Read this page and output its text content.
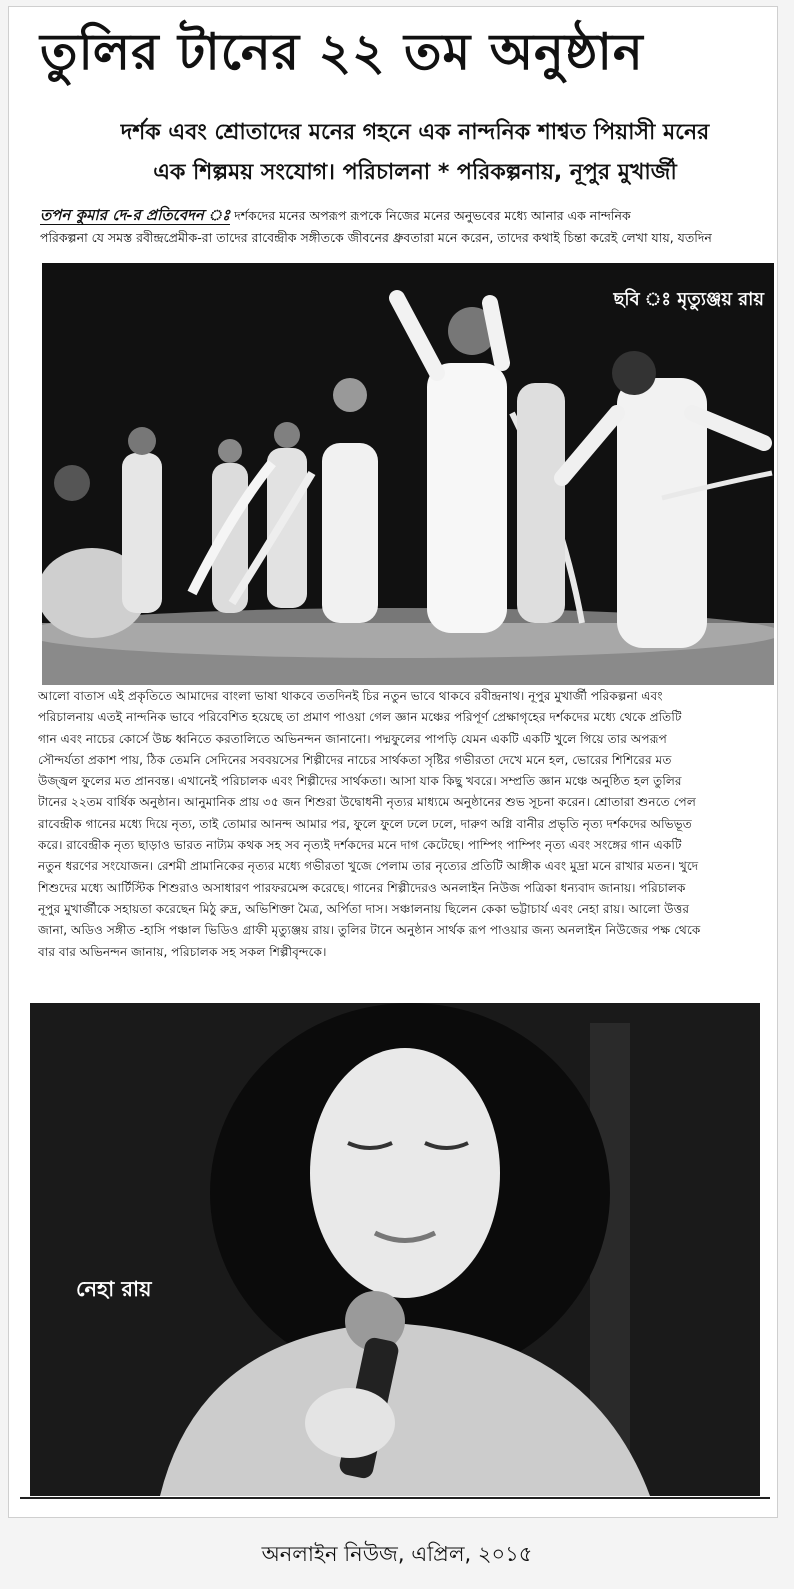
তুলির টানের ২২ তম অনুষ্ঠান
দর্শক এবং শ্রোতাদের মনের গহনে এক নান্দনিক শাশ্বত পিয়াসী মনের
এক শিল্পময় সংযোগ। পরিচালনা * পরিকল্পনায়, নূপুর মুখার্জী
তপন কুমার দে-র প্রতিবেদন ঃ দর্শকদের মনের অপরূপ রূপকে নিজের মনের অনুভবের মধ্যে আনার এক নান্দনিক
পরিকল্পনা যে সমস্ত রবীন্দ্রপ্রেমীক-রা তাদের রাবেন্দ্রীক সঙ্গীতকে জীবনের ধ্রুবতারা মনে করেন, তাদের কথাই চিন্তা করেই লেখা যায়, যতদিন
ছবি ঃ মৃত্যুঞ্জয় রায়
আলো বাতাস এই প্রকৃতিতে আমাদের বাংলা ভাষা থাকবে ততদিনই চির নতুন ভাবে থাকবে রবীন্দ্রনাথ। নূপুর মুখার্জী পরিকল্পনা এবং
পরিচালনায় এতই নান্দনিক ভাবে পরিবেশিত হয়েছে তা প্রমাণ পাওয়া গেল জ্ঞান মঞ্চের পরিপূর্ণ প্রেক্ষাগৃহের দর্শকদের মধ্যে থেকে প্রতিটি
গান এবং নাচের কোর্সে উচ্চ ধ্বনিতে করতালিতে অভিনন্দন জানানো। পদ্মফুলের পাপড়ি যেমন একটি একটি খুলে গিয়ে তার অপরূপ
সৌন্দর্যতা প্রকাশ পায়, ঠিক তেমনি সেদিনের সববয়সের শিল্পীদের নাচের সার্থকতা সৃষ্টির গভীরতা দেখে মনে হল, ভোরের শিশিরের মত
উজ্জ্বল ফুলের মত প্রানবন্ত। এখানেই পরিচালক এবং শিল্পীদের সার্থকতা। আসা যাক কিছু খবরে। সম্প্রতি জ্ঞান মঞ্চে অনুষ্ঠিত হল তুলির
টানের ২২তম বার্ষিক অনুষ্ঠান। আনুমানিক প্রায় ৩৫ জন শিশুরা উদ্বোধনী নৃত্যর মাধ্যমে অনুষ্ঠানের শুভ সূচনা করেন। শ্রোতারা শুনতে পেল
রাবেন্দ্রীক গানের মধ্যে দিয়ে নৃত্য, তাই তোমার আনন্দ আমার পর, ফুলে ফুলে ঢলে ঢলে, দারুণ অগ্নি বানীর প্রভৃতি নৃত্য দর্শকদের অভিভূত
করে। রাবেন্দ্রীক নৃত্য ছাড়াও ভারত নাট্যম কথক সহ সব নৃত্যই দর্শকদের মনে দাগ কেটেছে। পাম্পিং পাম্পিং নৃত্য এবং সংঙ্গের গান একটি
নতুন ধরণের সংযোজন। রেশমী প্রামানিকের নৃত্যর মধ্যে গভীরতা খুজে পেলাম তার নৃত্যের প্রতিটি আঙ্গীক এবং মুদ্রা মনে রাখার মতন। খুদে
শিশুদের মধ্যে আর্টিস্টিক শিশুরাও অসাধারণ পারফরমেন্স করেছে। গানের শিল্পীদেরও অনলাইন নিউজ পত্রিকা ধন্যবাদ জানায়। পরিচালক
নূপুর মুখার্জীকে সহায়তা করেছেন মিঠু রুদ্র, অভিশিক্তা মৈত্র, অর্পিতা দাস। সঞ্চালনায় ছিলেন কেকা ভট্টাচার্য এবং নেহা রায়। আলো উত্তর
জানা, অডিও সঙ্গীত -হাসি পঞ্চাল ভিডিও গ্রাফী মৃত্যুঞ্জয় রায়। তুলির টানে অনুষ্ঠান সার্থক রূপ পাওয়ার জন্য অনলাইন নিউজের পক্ষ থেকে
বার বার অভিনন্দন জানায়, পরিচালক সহ সকল শিল্পীবৃন্দকে।
নেহা রায়
অনলাইন নিউজ, এপ্রিল, ২০১৫
